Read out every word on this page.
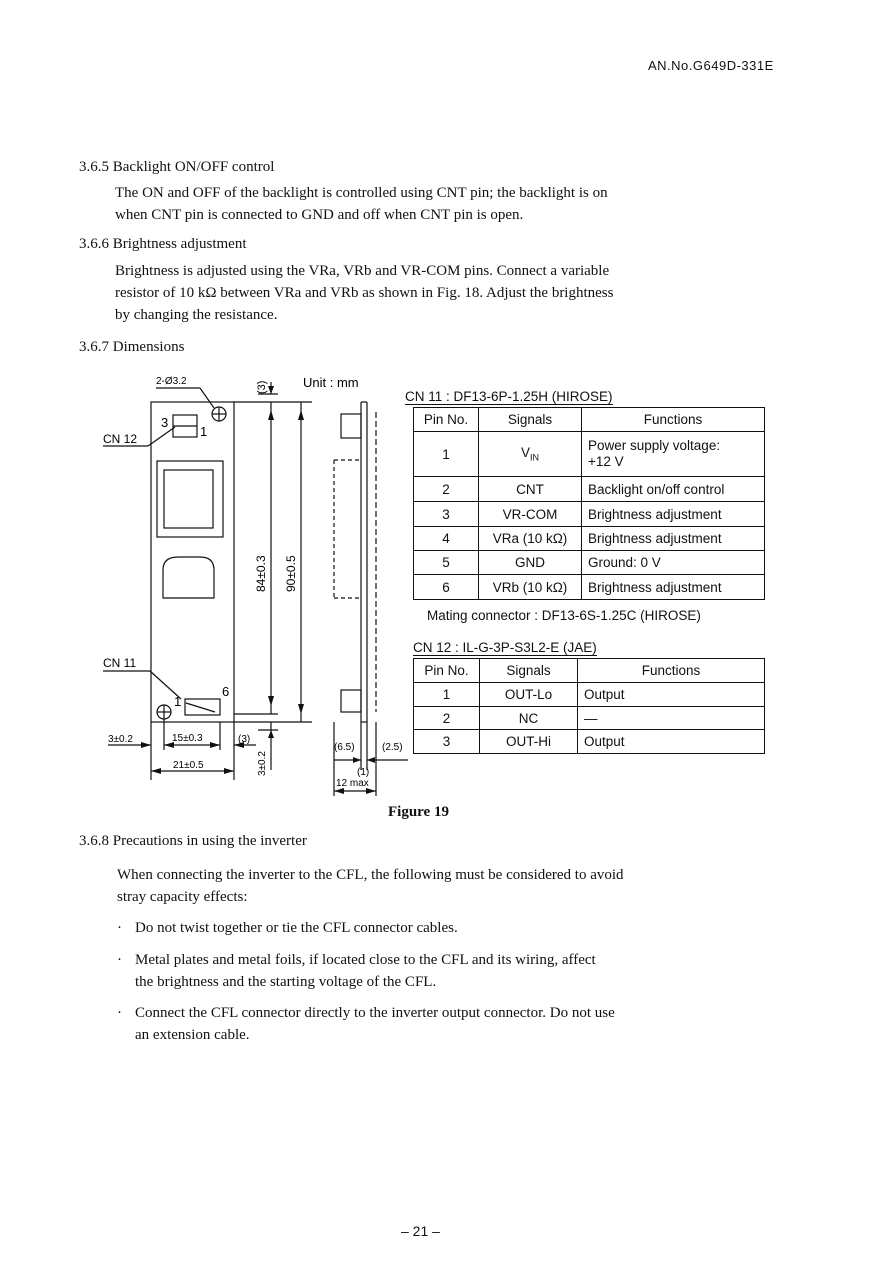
AN.No.G649D-331E
3.6.5 Backlight ON/OFF control
The ON and OFF of the backlight is controlled using CNT pin; the backlight is on
when CNT pin is connected to GND and off when CNT pin is open.
3.6.6 Brightness adjustment
Brightness is adjusted using the VRa, VRb and VR-COM pins. Connect a variable
resistor of 10 kΩ between VRa and VRb as shown in Fig. 18. Adjust the brightness
by changing the resistance.
3.6.7 Dimensions
2-Ø3.2	Unit : mm
CN 12
CN 11
3
1
1
6
3±0.2	15±0.3	(3)
21±0.5
(6.5)	(2.5)
(1)
12 max
(3)
84±0.3 90±0.5
3±0.2
CN 11 : DF13-6P-1.25H (HIROSE)
Pin No.	Signals	Functions
1	$V_{IN}$	Power supply voltage:
+12 V

2	CNT	Backlight on/off control
3	VR-COM	Brightness adjustment
4	VRa (10 kΩ)	Brightness adjustment
5	GND	Ground: 0 V
6	VRb (10 kΩ)	Brightness adjustment
Mating connector : DF13-6S-1.25C (HIROSE)
CN 12 : IL-G-3P-S3L2-E (JAE)
Pin No.	Signals	Functions
1	OUT-Lo	Output
2	NC	—
3	OUT-Hi	Output
Figure 19
3.6.8 Precautions in using the inverter
When connecting the inverter to the CFL, the following must be considered to avoid
stray capacity effects:
· Do not twist together or tie the CFL connector cables.
· Metal plates and metal foils, if located close to the CFL and its wiring, affect
the brightness and the starting voltage of the CFL.
· Connect the CFL connector directly to the inverter output connector. Do not use
an extension cable.
– 21 –
